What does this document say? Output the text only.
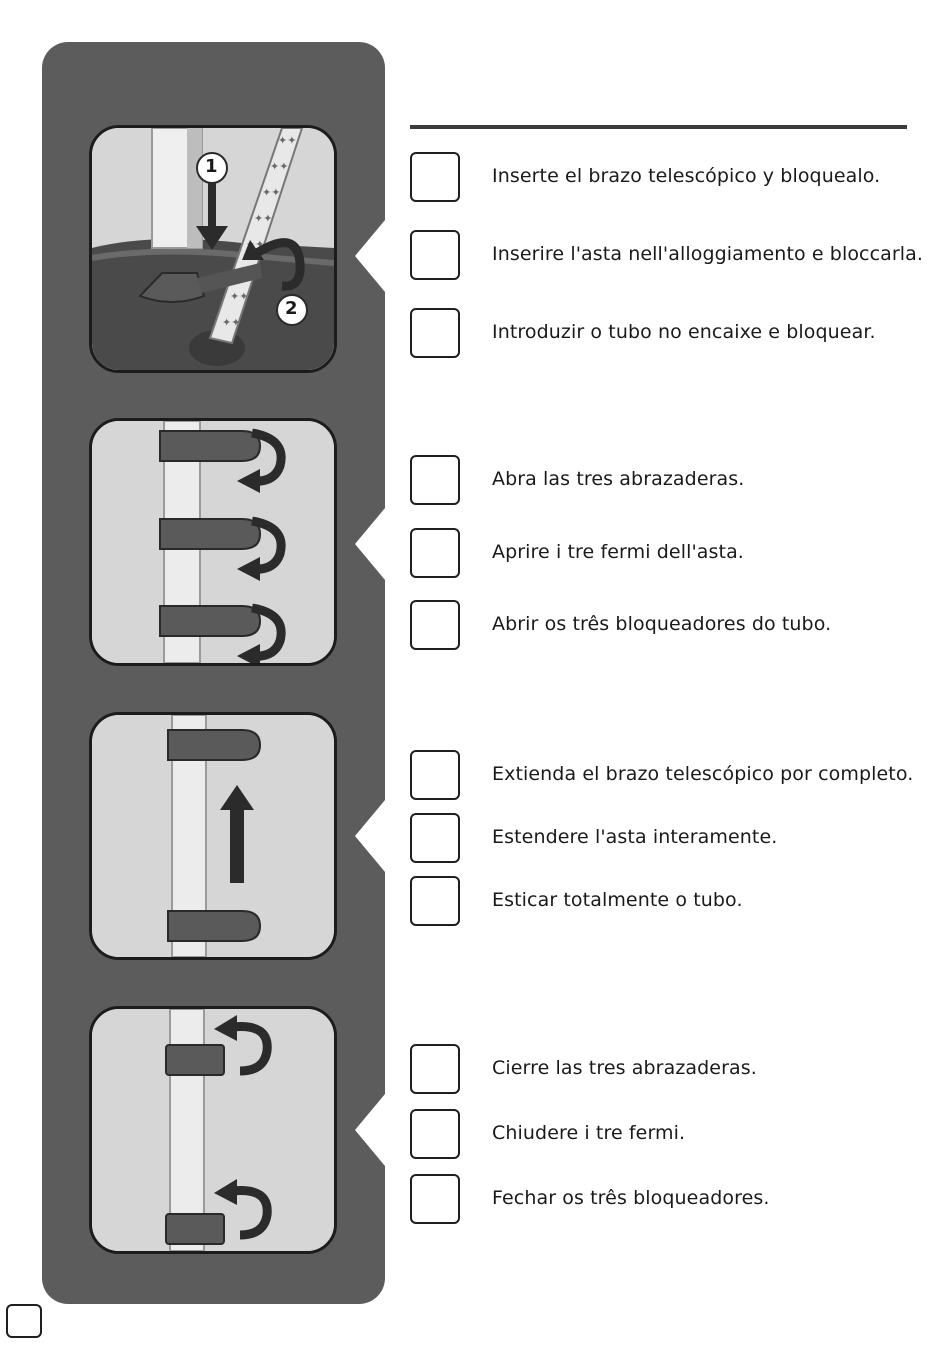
✦✦
✦✦
✦✦
✦✦
✦✦
✦✦
✦✦
1
2
Inserte el brazo telescópico y bloquealo.
Inserire l'asta nell'alloggiamento e bloccarla.
Introduzir o tubo no encaixe e bloquear.
Abra las tres abrazaderas.
Aprire i tre fermi dell'asta.
Abrir os três bloqueadores do tubo.
Extienda el brazo telescópico por completo.
Estendere l'asta interamente.
Esticar totalmente o tubo.
Cierre las tres abrazaderas.
Chiudere i tre fermi.
Fechar os três bloqueadores.
